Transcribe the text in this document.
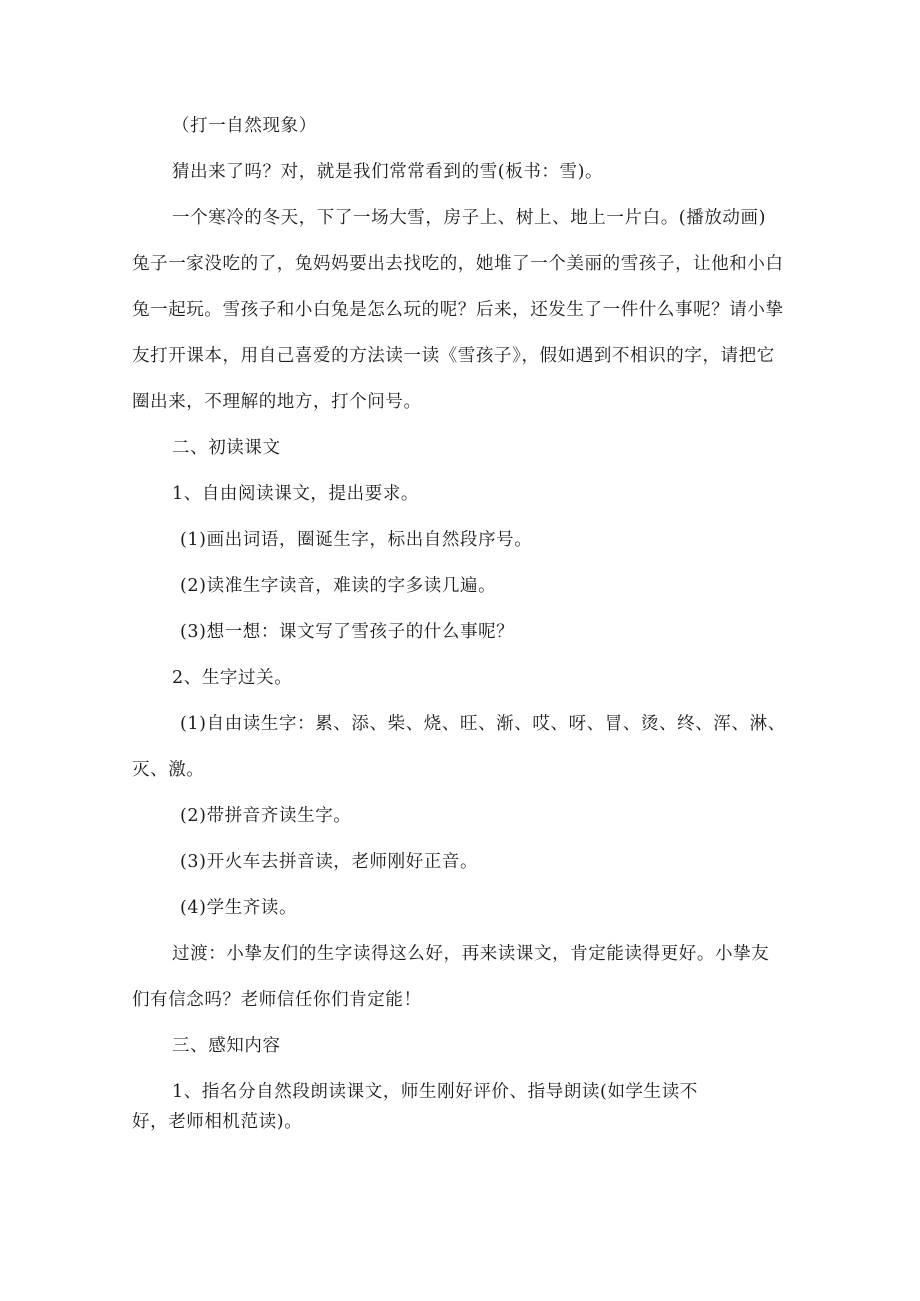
（打一自然现象）
猜出来了吗？对，就是我们常常看到的雪(板书：雪)。
一个寒冷的冬天，下了一场大雪，房子上、树上、地上一片白。(播放动画)
兔子一家没吃的了，兔妈妈要出去找吃的，她堆了一个美丽的雪孩子，让他和小白
兔一起玩。雪孩子和小白兔是怎么玩的呢？后来，还发生了一件什么事呢？请小挚
友打开课本，用自己喜爱的方法读一读《雪孩子》，假如遇到不相识的字，请把它
圈出来，不理解的地方，打个问号。
二、初读课文
1、自由阅读课文，提出要求。
(1)画出词语，圈诞生字，标出自然段序号。
(2)读准生字读音，难读的字多读几遍。
(3)想一想：课文写了雪孩子的什么事呢？
2、生字过关。
(1)自由读生字：累、添、柴、烧、旺、渐、哎、呀、冒、烫、终、浑、淋、
灭、激。
(2)带拼音齐读生字。
(3)开火车去拼音读，老师刚好正音。
(4)学生齐读。
过渡：小挚友们的生字读得这么好，再来读课文，肯定能读得更好。小挚友
们有信念吗？老师信任你们肯定能！
三、感知内容
1、指名分自然段朗读课文，师生刚好评价、指导朗读(如学生读不
好，老师相机范读)。
